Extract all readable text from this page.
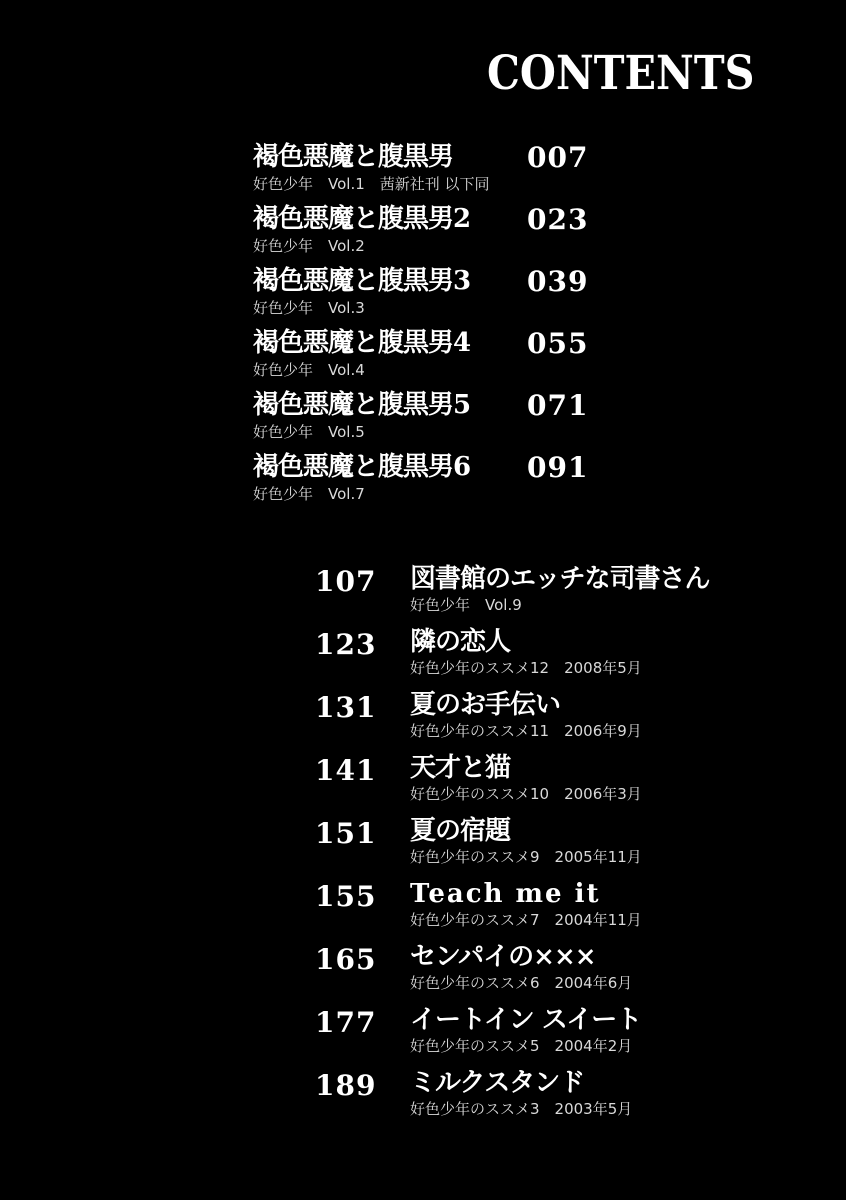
CONTENTS
褐色悪魔と腹黒男	007
好色少年　Vol.1　茜新社刊 以下同
褐色悪魔と腹黒男2 023
好色少年　Vol.2
褐色悪魔と腹黒男3 039
好色少年　Vol.3
褐色悪魔と腹黒男4 055
好色少年　Vol.4
褐色悪魔と腹黒男5 071
好色少年　Vol.5
褐色悪魔と腹黒男6 091
好色少年　Vol.7
107 図書館のエッチな司書さん
好色少年　Vol.9
123 隣の恋人
好色少年のススメ12　2008年5月
131 夏のお手伝い
好色少年のススメ11　2006年9月
141 天才と猫
好色少年のススメ10　2006年3月
151 夏の宿題
好色少年のススメ9　2005年11月
155 Teach me it
好色少年のススメ7　2004年11月
165 センパイの×××
好色少年のススメ6　2004年6月
177 イートイン スイート
好色少年のススメ5　2004年2月
189 ミルクスタンド
好色少年のススメ3　2003年5月
